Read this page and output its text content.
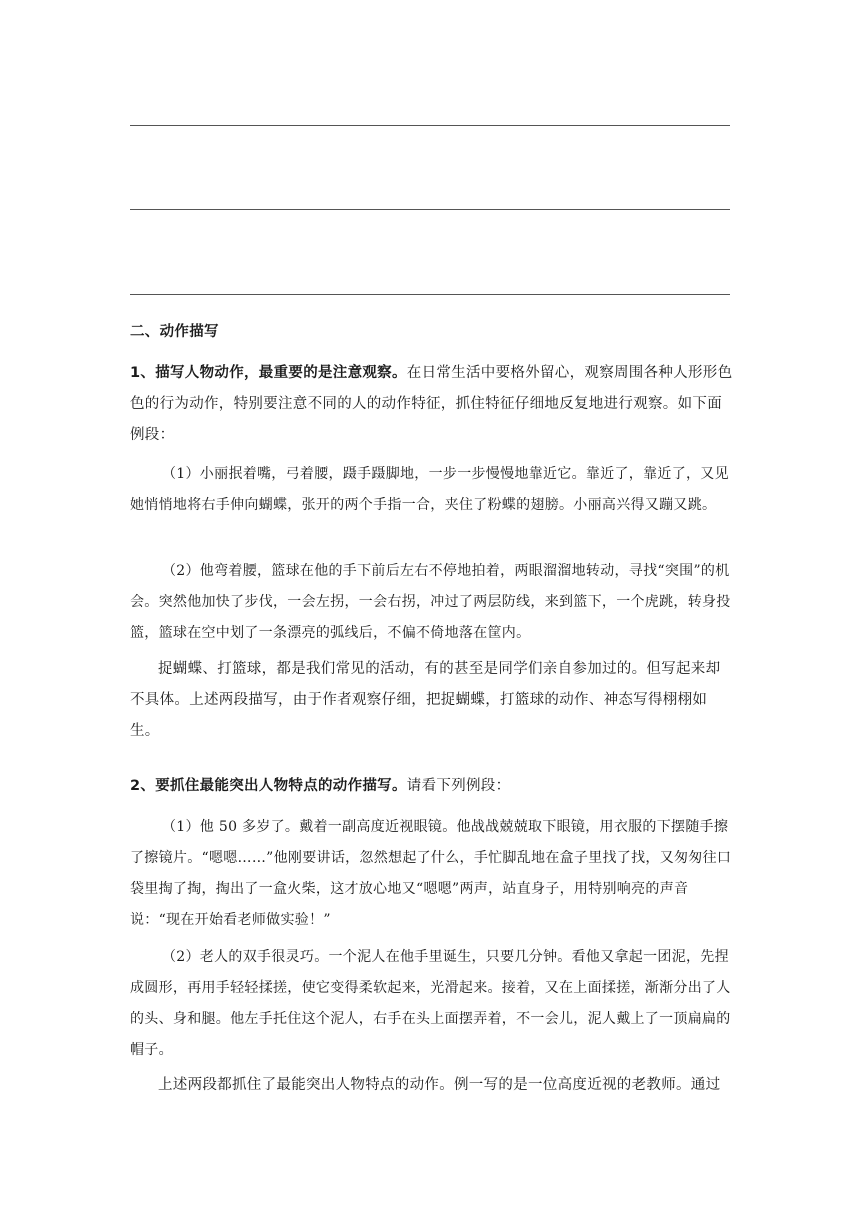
二、动作描写
1、描写人物动作，最重要的是注意观察。在日常生活中要格外留心，观察周围各种人形形色色的行为动作，特别要注意不同的人的动作特征，抓住特征仔细地反复地进行观察。如下面例段：
（1）小丽抿着嘴，弓着腰，蹑手蹑脚地，一步一步慢慢地靠近它。靠近了，靠近了，又见她悄悄地将右手伸向蝴蝶，张开的两个手指一合，夹住了粉蝶的翅膀。小丽高兴得又蹦又跳。
（2）他弯着腰，篮球在他的手下前后左右不停地拍着，两眼溜溜地转动，寻找“突围”的机会。突然他加快了步伐，一会左拐，一会右拐，冲过了两层防线，来到篮下，一个虎跳，转身投篮，篮球在空中划了一条漂亮的弧线后，不偏不倚地落在筐内。
捉蝴蝶、打篮球，都是我们常见的活动，有的甚至是同学们亲自参加过的。但写起来却不具体。上述两段描写，由于作者观察仔细，把捉蝴蝶，打篮球的动作、神态写得栩栩如生。
2、要抓住最能突出人物特点的动作描写。请看下列例段：
（1）他 50 多岁了。戴着一副高度近视眼镜。他战战兢兢取下眼镜，用衣服的下摆随手擦了擦镜片。“嗯嗯……”他刚要讲话，忽然想起了什么，手忙脚乱地在盒子里找了找，又匆匆往口袋里掏了掏，掏出了一盒火柴，这才放心地又“嗯嗯”两声，站直身子，用特别响亮的声音说：“现在开始看老师做实验！”
（2）老人的双手很灵巧。一个泥人在他手里诞生，只要几分钟。看他又拿起一团泥，先捏成圆形，再用手轻轻揉搓，使它变得柔软起来，光滑起来。接着，又在上面揉搓，渐渐分出了人的头、身和腿。他左手托住这个泥人，右手在头上面摆弄着，不一会儿，泥人戴上了一顶扁扁的帽子。
上述两段都抓住了最能突出人物特点的动作。例一写的是一位高度近视的老教师。通过
